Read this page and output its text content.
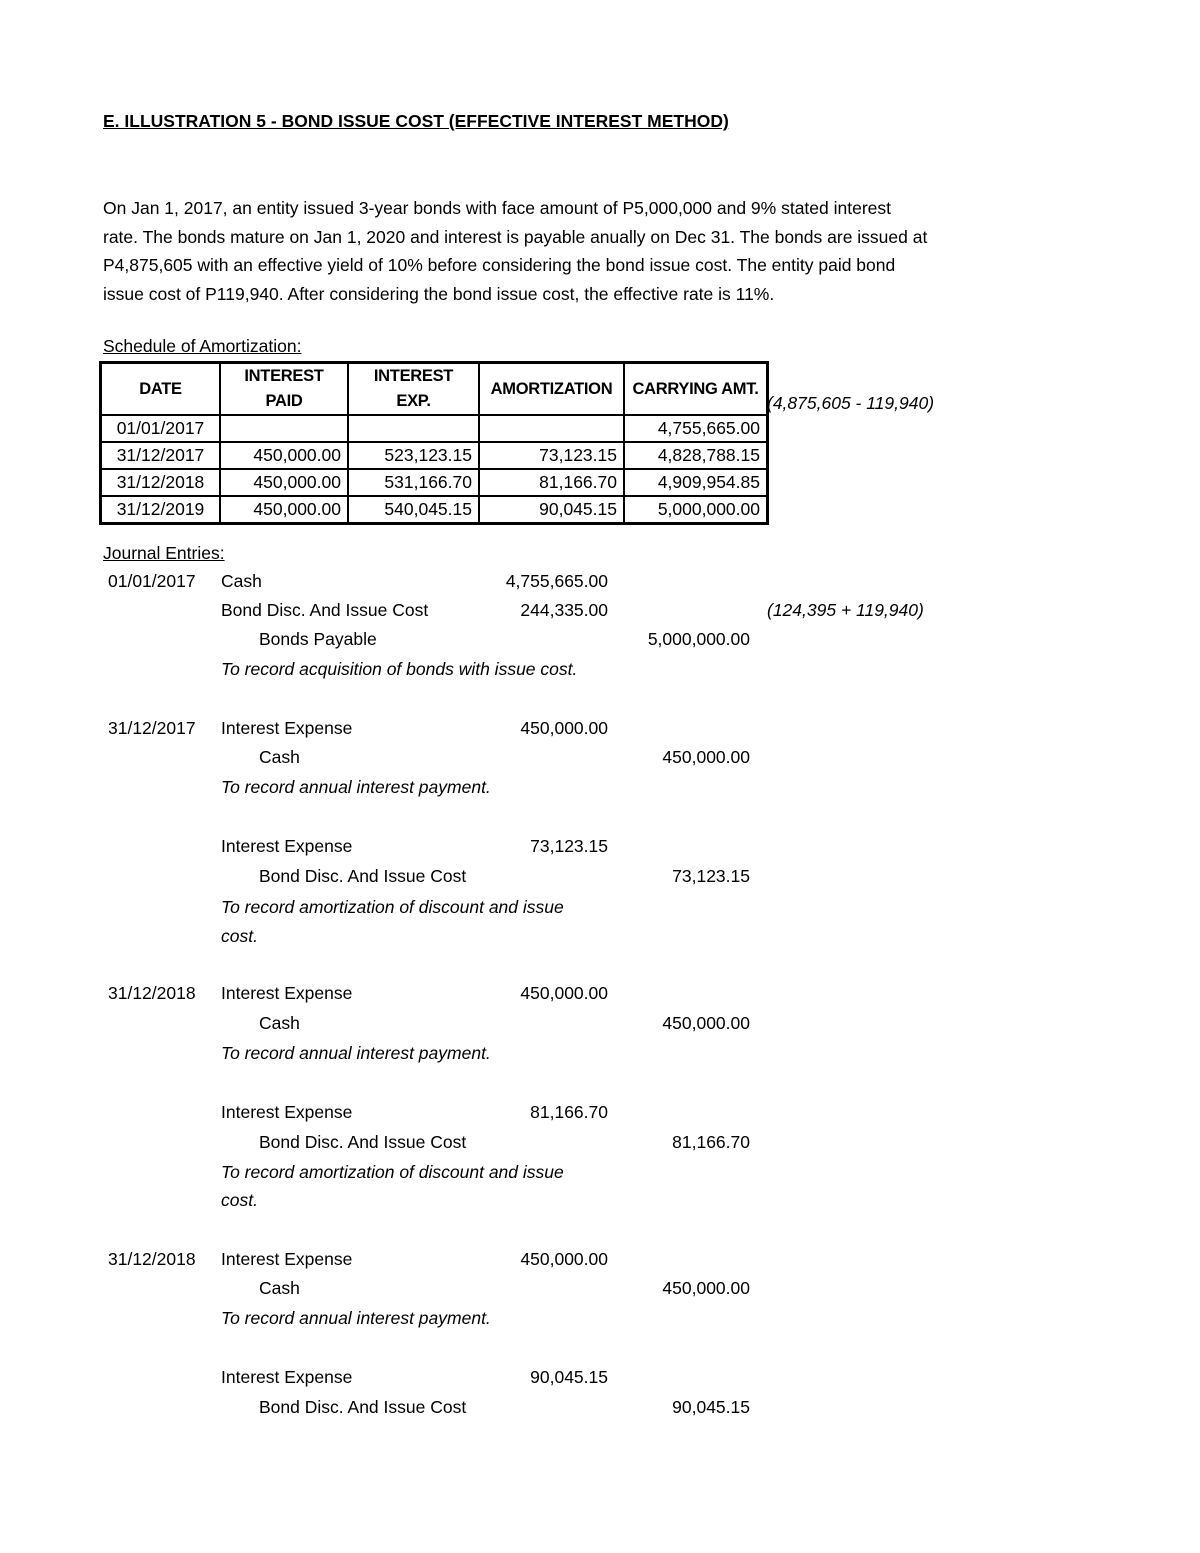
E. ILLUSTRATION 5 - BOND ISSUE COST (EFFECTIVE INTEREST METHOD)

On Jan 1, 2017, an entity issued 3-year bonds with face amount of P5,000,000 and 9% stated interest

rate. The bonds mature on Jan 1, 2020 and interest is payable anually on Dec 31. The bonds are issued at

P4,875,605 with an effective yield of 10% before considering the bond issue cost. The entity paid bond

issue cost of P119,940. After considering the bond issue cost, the effective rate is 11%.

Schedule of Amortization:
DATE	INTEREST PAID	INTEREST EXP.	AMORTIZATION	CARRYING AMT.
01/01/2017				4,755,665.00
31/12/2017	450,000.00	523,123.15	73,123.15	4,828,788.15
31/12/2018	450,000.00	531,166.70	81,166.70	4,909,954.85
31/12/2019	450,000.00	540,045.15	90,045.15	5,000,000.00
(4,875,605 - 119,940)
Journal Entries:
01/01/2017 Cash	4,755,665.00
Bond Disc. And Issue Cost	244,335.00	(124,395 + 119,940)
Bonds Payable	5,000,000.00
To record acquisition of bonds with issue cost.
31/12/2017 Interest Expense	450,000.00
Cash	450,000.00
To record annual interest payment.
Interest Expense	73,123.15
Bond Disc. And Issue Cost	73,123.15
To record amortization of discount and issue
cost.
31/12/2018 Interest Expense	450,000.00
Cash	450,000.00
To record annual interest payment.
Interest Expense	81,166.70
Bond Disc. And Issue Cost	81,166.70
To record amortization of discount and issue
cost.
31/12/2018 Interest Expense	450,000.00
Cash	450,000.00
To record annual interest payment.
Interest Expense	90,045.15
Bond Disc. And Issue Cost	90,045.15
